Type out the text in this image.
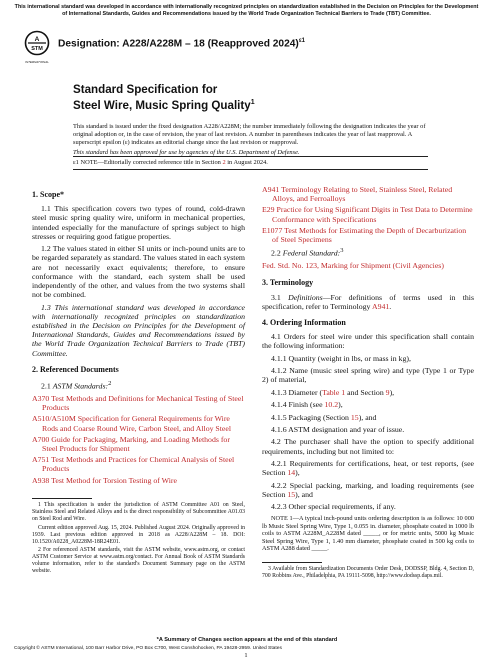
This international standard was developed in accordance with internationally recognized principles on standardization established in the Decision on Principles for the Development of International Standards, Guides and Recommendations issued by the World Trade Organization Technical Barriers to Trade (TBT) Committee.
A
STM
INTERNATIONAL
Designation: A228/A228M – 18 (Reapproved 2024)$^{\varepsilon 1}$
Standard Specification for
Steel Wire, Music Spring Quality$^1$
This standard is issued under the fixed designation A228/A228M; the number immediately following the designation indicates the year of original adoption or, in the case of revision, the year of last revision. A number in parentheses indicates the year of last reapproval. A superscript epsilon (ε) indicates an editorial change since the last revision or reapproval.
This standard has been approved for use by agencies of the U.S. Department of Defense.
ε1 NOTE—Editorially corrected reference title in Section 2 in August 2024.
1. Scope*

1.1 This specification covers two types of round, cold-drawn steel music spring quality wire, uniform in mechanical properties, intended especially for the manufacture of springs subject to high stresses or requiring good fatigue properties.

1.2 The values stated in either SI units or inch-pound units are to be regarded separately as standard. The values stated in each system are not necessarily exact equivalents; therefore, to ensure conformance with the standard, each system shall be used independently of the other, and values from the two systems shall not be combined.

1.3 This international standard was developed in accordance with internationally recognized principles on standardization established in the Decision on Principles for the Development of International Standards, Guides and Recommendations issued by the World Trade Organization Technical Barriers to Trade (TBT) Committee.

2. Referenced Documents

2.1 ASTM Standards:$^2$

A370 Test Methods and Definitions for Mechanical Testing of Steel Products
A510/A510M Specification for General Requirements for Wire Rods and Coarse Round Wire, Carbon Steel, and Alloy Steel
A700 Guide for Packaging, Marking, and Loading Methods for Steel Products for Shipment
A751 Test Methods and Practices for Chemical Analysis of Steel Products
A938 Test Method for Torsion Testing of Wire
A941 Terminology Relating to Steel, Stainless Steel, Related Alloys, and Ferroalloys
E29 Practice for Using Significant Digits in Test Data to Determine Conformance with Specifications
E1077 Test Methods for Estimating the Depth of Decarburization of Steel Specimens

2.2 Federal Standard:$^3$

Fed. Std. No. 123, Marking for Shipment (Civil Agencies)
3. Terminology

3.1 Definitions—For definitions of terms used in this specification, refer to Terminology A941.

4. Ordering Information

4.1 Orders for steel wire under this specification shall contain the following information:

4.1.1 Quantity (weight in lbs, or mass in kg),

4.1.2 Name (music steel spring wire) and type (Type 1 or Type 2) of material,

4.1.3 Diameter (Table 1 and Section 9),

4.1.4 Finish (see 10.2),

4.1.5 Packaging (Section 15), and

4.1.6 ASTM designation and year of issue.

4.2 The purchaser shall have the option to specify additional requirements, including but not limited to:

4.2.1 Requirements for certifications, heat, or test reports, (see Section 14),

4.2.2 Special packing, marking, and loading requirements (see Section 15), and

4.2.3 Other special requirements, if any.

NOTE 1—A typical inch-pound units ordering description is as follows: 10 000 lb Music Steel Spring Wire, Type 1, 0.055 in. diameter, phosphate coated in 1000 lb coils to ASTM A228M_A228M dated _____, or for metric units, 5000 kg Music Steel Spring Wire, Type 1, 1.40 mm diameter, phosphate coated in 500 kg coils to ASTM A288 dated _____.

1 This specification is under the jurisdiction of ASTM Committee A01 on Steel, Stainless Steel and Related Alloys and is the direct responsibility of Subcommittee A01.03 on Steel Rod and Wire.

Current edition approved Aug. 15, 2024. Published August 2024. Originally approved in 1939. Last previous edition approved in 2018 as A228/A228M – 18. DOI: 10.1520/A0228_A0228M-18R24E01.

2 For referenced ASTM standards, visit the ASTM website, www.astm.org, or contact ASTM Customer Service at www.astm.org/contact. For Annual Book of ASTM Standards volume information, refer to the standard's Document Summary page on the ASTM website.	3 Available from Standardization Documents Order Desk, DODSSP, Bldg. 4, Section D, 700 Robbins Ave., Philadelphia, PA 19111-5098, http://www.dodssp.daps.mil.

*A Summary of Changes section appears at the end of this standard
Copyright © ASTM International, 100 Barr Harbor Drive, PO Box C700, West Conshohocken, PA 19428-2959. United States
1
